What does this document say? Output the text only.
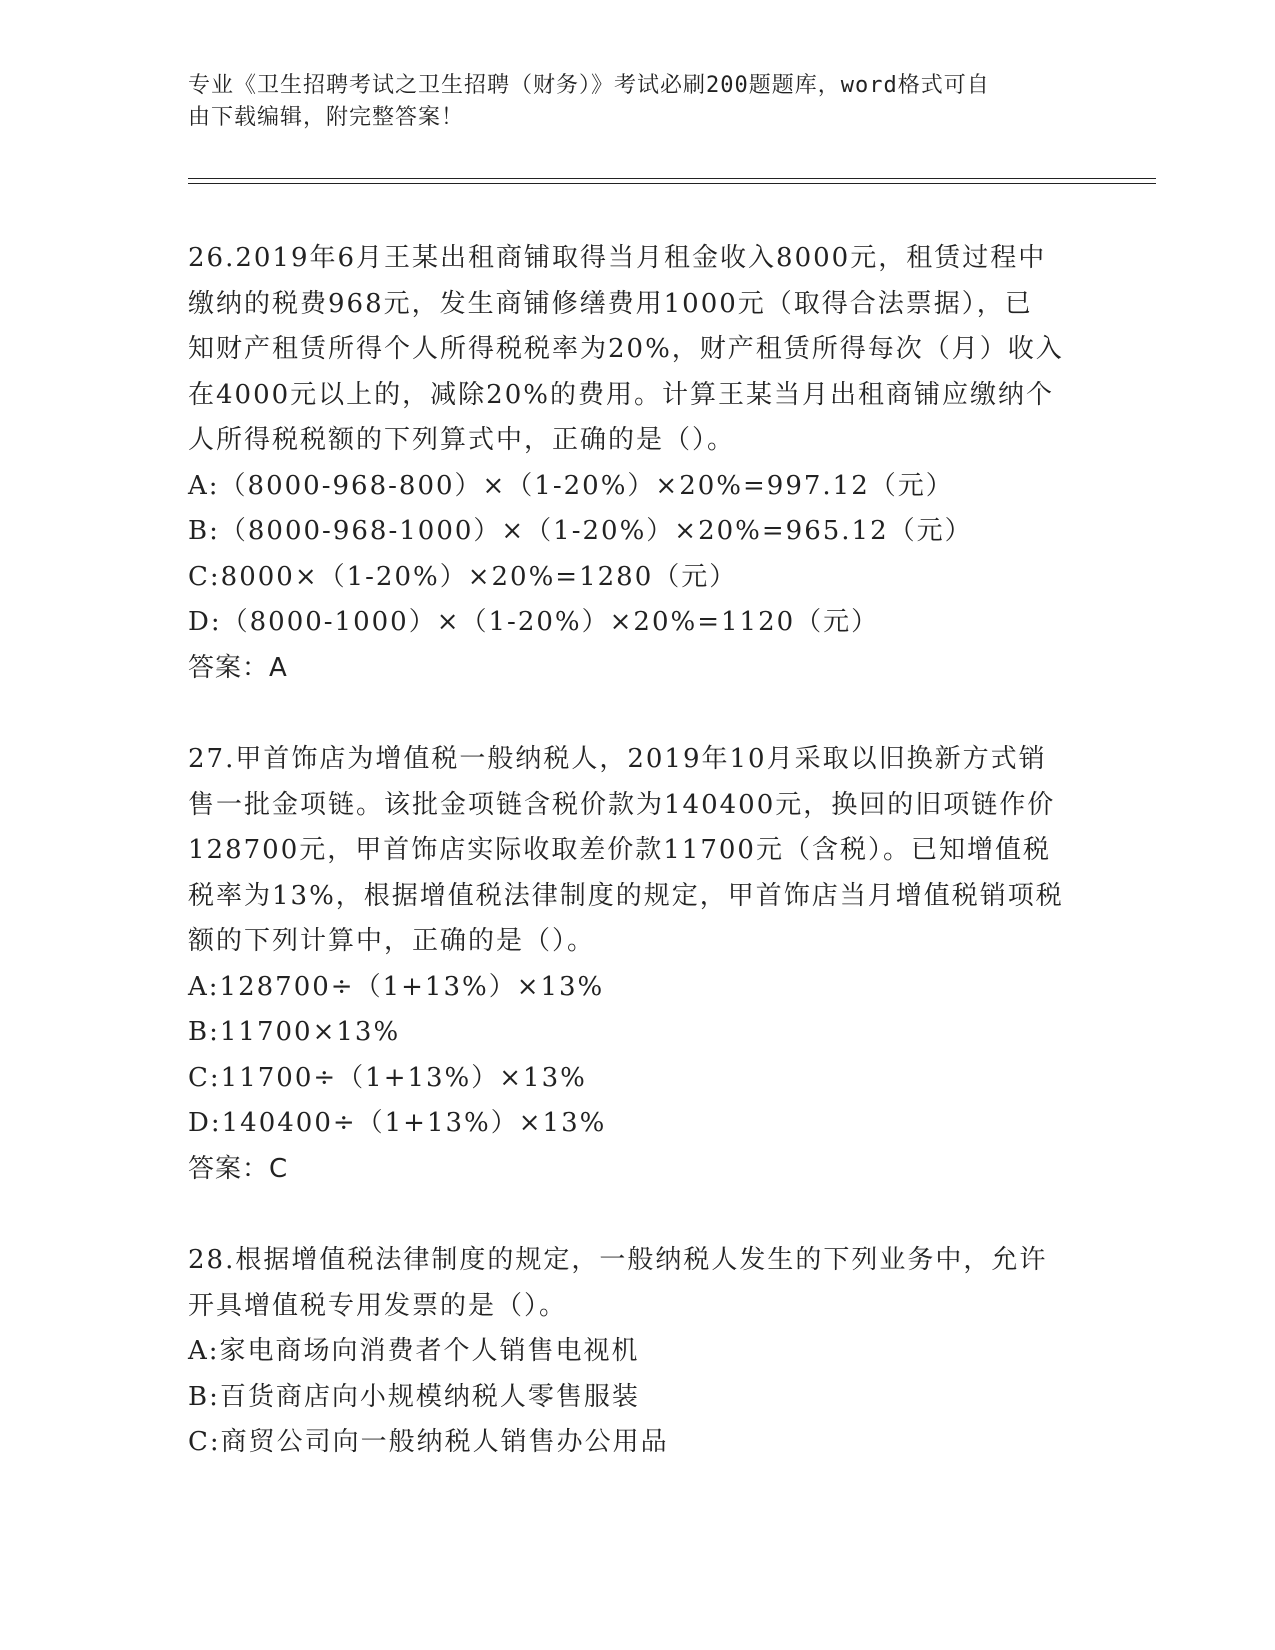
专业《卫生招聘考试之卫生招聘（财务）》考试必刷200题题库，word格式可自
由下载编辑，附完整答案！

26.2019年6月王某出租商铺取得当月租金收入8000元，租赁过程中

缴纳的税费968元，发生商铺修缮费用1000元（取得合法票据），已

知财产租赁所得个人所得税税率为20%，财产租赁所得每次（月）收入

在4000元以上的，减除20%的费用。计算王某当月出租商铺应缴纳个

人所得税税额的下列算式中，正确的是（）。

A:（8000-968-800）×（1-20%）×20%=997.12（元）

B:（8000-968-1000）×（1-20%）×20%=965.12（元）

C:8000×（1-20%）×20%=1280（元）

D:（8000-1000）×（1-20%）×20%=1120（元）

答案：A

27.甲首饰店为增值税一般纳税人，2019年10月采取以旧换新方式销

售一批金项链。该批金项链含税价款为140400元，换回的旧项链作价

128700元，甲首饰店实际收取差价款11700元（含税）。已知增值税

税率为13%，根据增值税法律制度的规定，甲首饰店当月增值税销项税

额的下列计算中，正确的是（）。

A:128700÷（1+13%）×13%

B:11700×13%

C:11700÷（1+13%）×13%

D:140400÷（1+13%）×13%

答案：C

28.根据增值税法律制度的规定，一般纳税人发生的下列业务中，允许

开具增值税专用发票的是（）。

A:家电商场向消费者个人销售电视机

B:百货商店向小规模纳税人零售服装

C:商贸公司向一般纳税人销售办公用品
